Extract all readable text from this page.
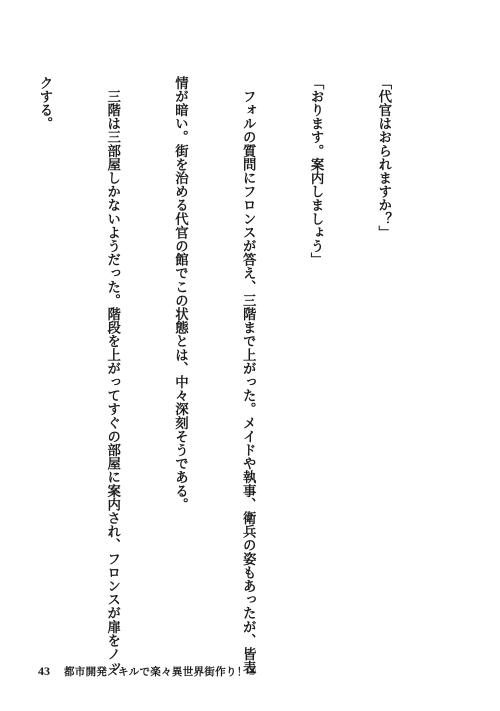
「代官はおられますか？」

「おります。案内しましょう」

　フォルの質問にフロンスが答え、三階まで上がった。メイドや執事、衛兵の姿もあったが、皆表

情が暗い。街を治める代官の館でこの状態とは、中々深刻そうである。

　三階は三部屋しかないようだった。階段を上がってすぐの部屋に案内され、フロンスが扉をノッ

クする。

43 都市開発スキルで楽々異世界街作り！②
